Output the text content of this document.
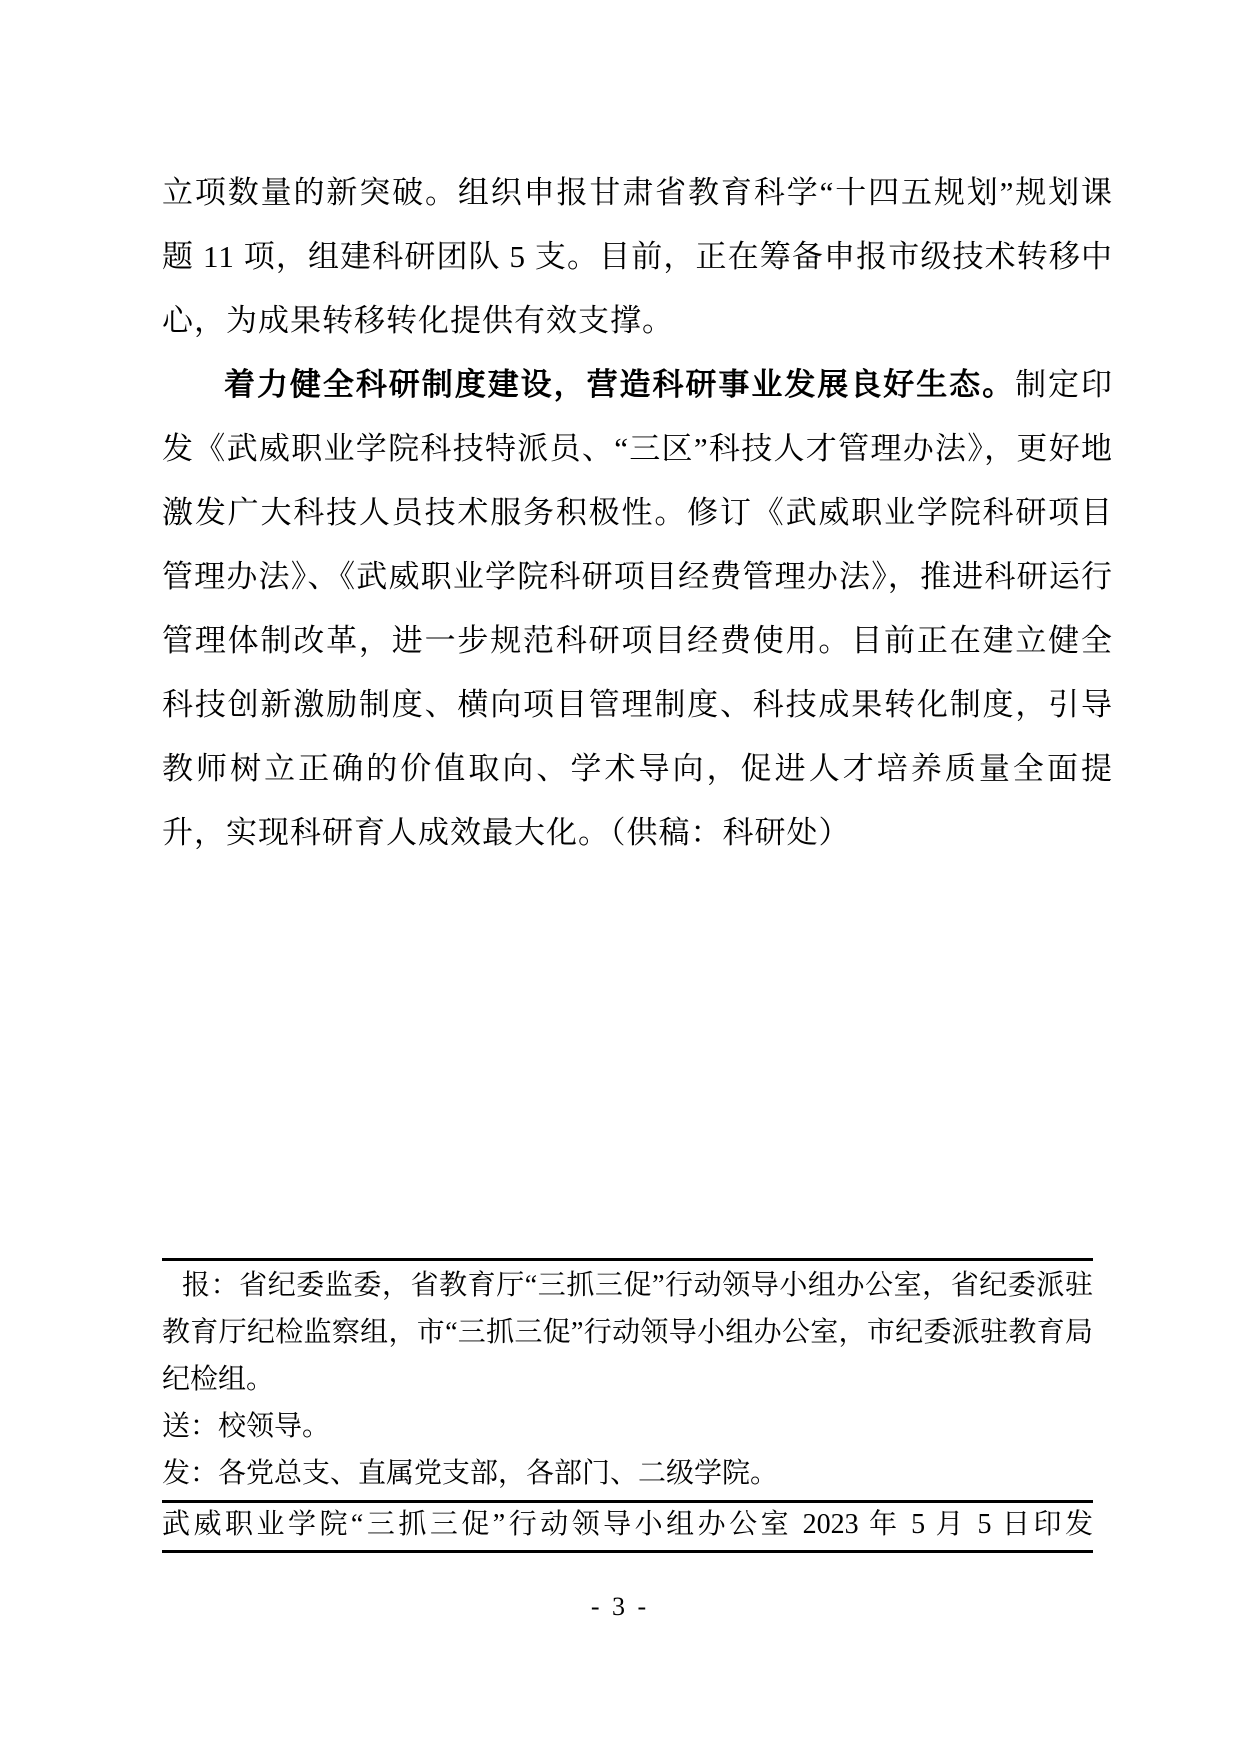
立项数量的新突破。组织申报甘肃省教育科学“十四五规划”规划课题 11 项，组建科研团队 5 支。目前，正在筹备申报市级技术转移中心，为成果转移转化提供有效支撑。

着力健全科研制度建设，营造科研事业发展良好生态。制定印发《武威职业学院科技特派员、“三区”科技人才管理办法》，更好地激发广大科技人员技术服务积极性。修订《武威职业学院科研项目管理办法》、《武威职业学院科研项目经费管理办法》，推进科研运行管理体制改革，进一步规范科研项目经费使用。目前正在建立健全科技创新激励制度、横向项目管理制度、科技成果转化制度，引导教师树立正确的价值取向、学术导向，促进人才培养质量全面提升，实现科研育人成效最大化。（供稿：科研处）

报：省纪委监委，省教育厅“三抓三促”行动领导小组办公室，省纪委派驻教育厅纪检监察组，市“三抓三促”行动领导小组办公室，市纪委派驻教育局纪检组。

送：校领导。

发：各党总支、直属党支部，各部门、二级学院。

武威职业学院“三抓三促”行动领导小组办公室 2023 年 5 月 5 日印发
- 3 -
